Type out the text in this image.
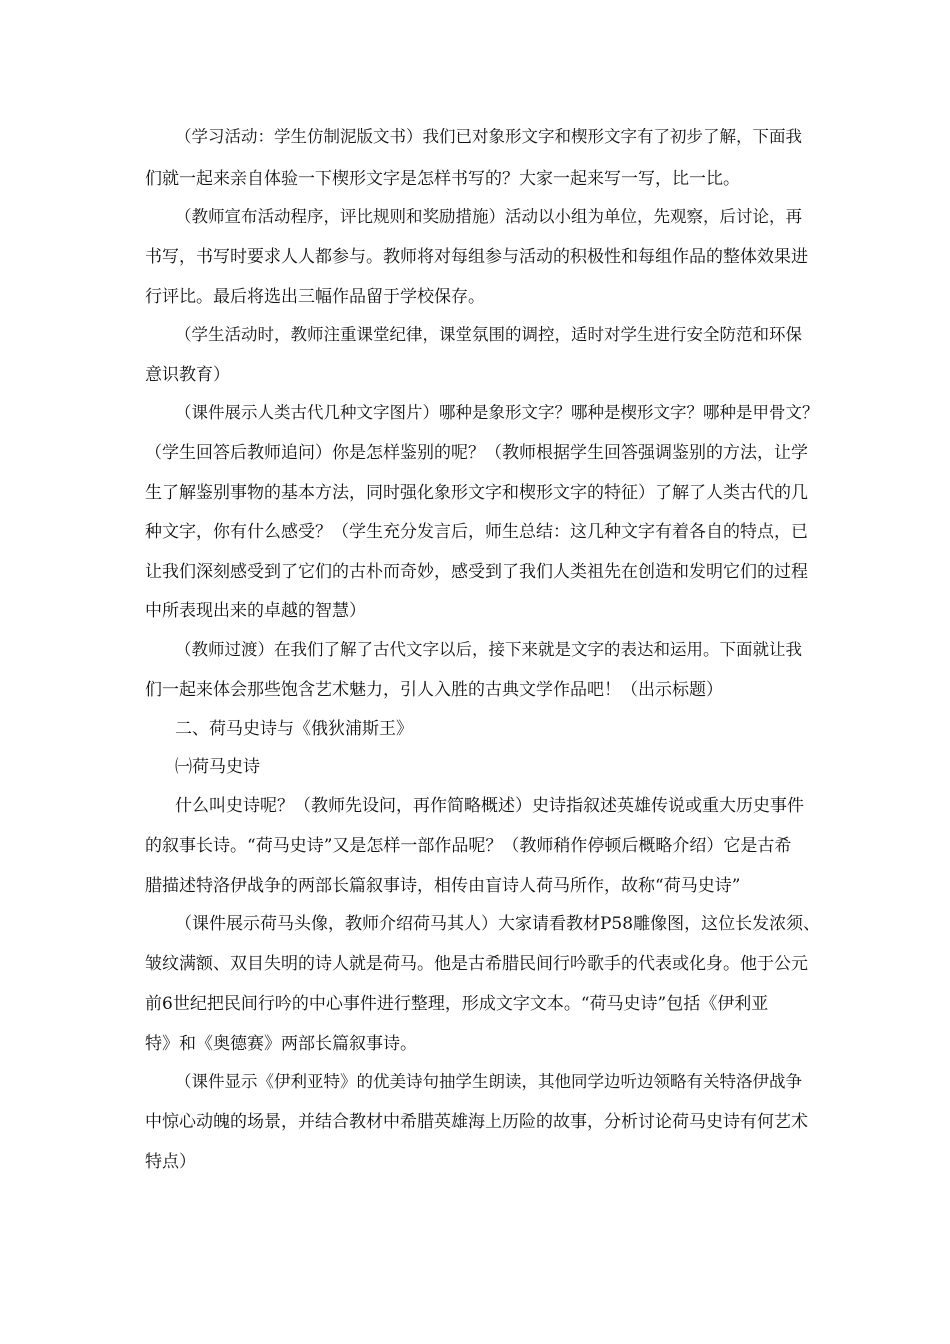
（学习活动：学生仿制泥版文书）我们已对象形文字和楔形文字有了初步了解，下面我
们就一起来亲自体验一下楔形文字是怎样书写的？大家一起来写一写，比一比。
（教师宣布活动程序，评比规则和奖励措施）活动以小组为单位，先观察，后讨论，再
书写，书写时要求人人都参与。教师将对每组参与活动的积极性和每组作品的整体效果进
行评比。最后将选出三幅作品留于学校保存。
（学生活动时，教师注重课堂纪律，课堂氛围的调控，适时对学生进行安全防范和环保
意识教育）
（课件展示人类古代几种文字图片）哪种是象形文字？哪种是楔形文字？哪种是甲骨文？
（学生回答后教师追问）你是怎样鉴别的呢？（教师根据学生回答强调鉴别的方法，让学
生了解鉴别事物的基本方法，同时强化象形文字和楔形文字的特征）了解了人类古代的几
种文字，你有什么感受？（学生充分发言后，师生总结：这几种文字有着各自的特点，已
让我们深刻感受到了它们的古朴而奇妙，感受到了我们人类祖先在创造和发明它们的过程
中所表现出来的卓越的智慧）
（教师过渡）在我们了解了古代文字以后，接下来就是文字的表达和运用。下面就让我
们一起来体会那些饱含艺术魅力，引人入胜的古典文学作品吧！（出示标题）
二、荷马史诗与《俄狄浦斯王》
㈠荷马史诗
什么叫史诗呢？（教师先设问，再作简略概述）史诗指叙述英雄传说或重大历史事件
的叙事长诗。“荷马史诗”又是怎样一部作品呢？（教师稍作停顿后概略介绍）它是古希
腊描述特洛伊战争的两部长篇叙事诗，相传由盲诗人荷马所作，故称“荷马史诗”
（课件展示荷马头像，教师介绍荷马其人）大家请看教材P58雕像图，这位长发浓须、
皱纹满额、双目失明的诗人就是荷马。他是古希腊民间行吟歌手的代表或化身。他于公元
前6世纪把民间行吟的中心事件进行整理，形成文字文本。“荷马史诗”包括《伊利亚
特》和《奥德赛》两部长篇叙事诗。
（课件显示《伊利亚特》的优美诗句抽学生朗读，其他同学边听边领略有关特洛伊战争
中惊心动魄的场景，并结合教材中希腊英雄海上历险的故事，分析讨论荷马史诗有何艺术
特点）
